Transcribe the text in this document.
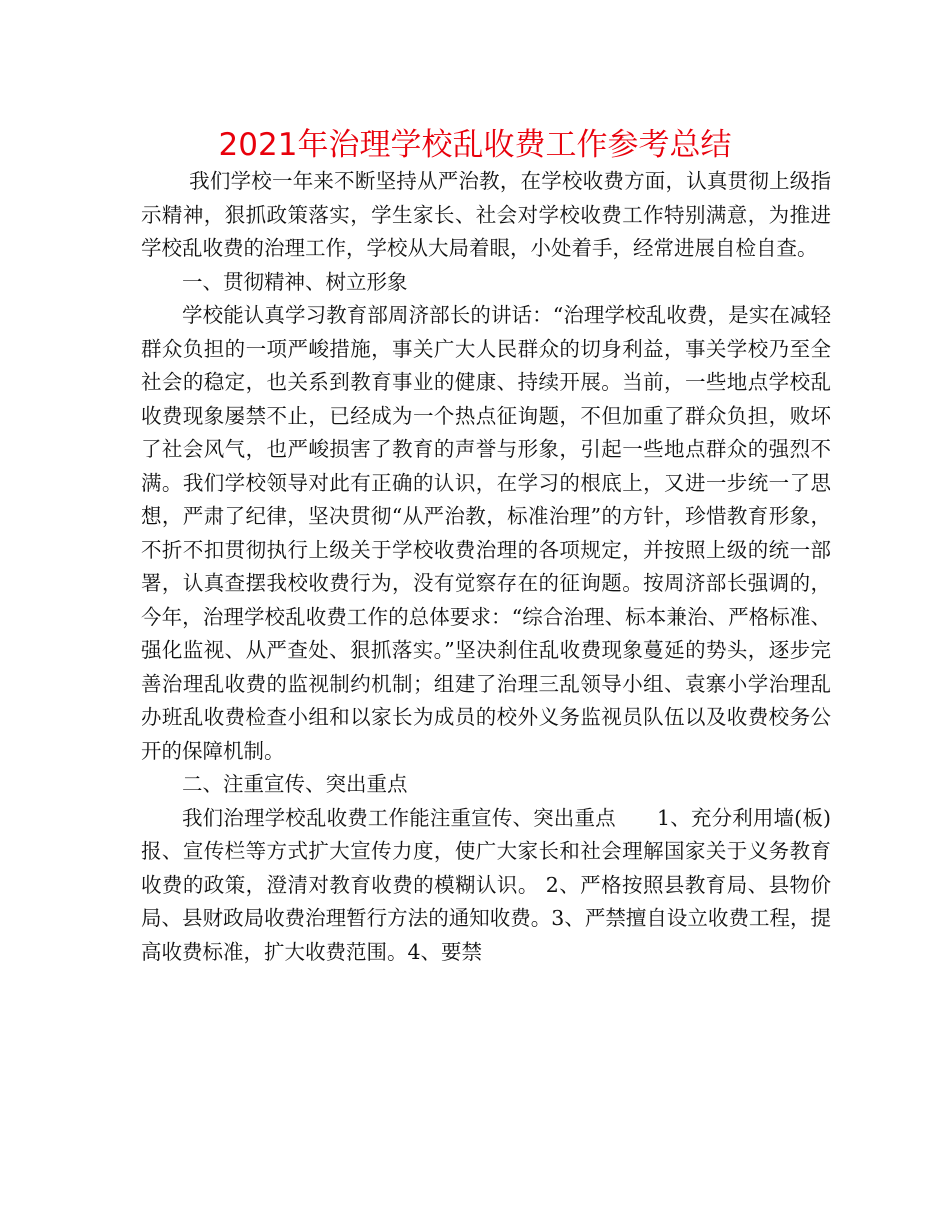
2021年治理学校乱收费工作参考总结

我们学校一年来不断坚持从严治教，在学校收费方面，认真贯彻上级指示精神，狠抓政策落实，学生家长、社会对学校收费工作特别满意，为推进学校乱收费的治理工作，学校从大局着眼，小处着手，经常进展自检自查。

一、贯彻精神、树立形象

学校能认真学习教育部周济部长的讲话：“治理学校乱收费，是实在减轻群众负担的一项严峻措施，事关广大人民群众的切身利益，事关学校乃至全社会的稳定，也关系到教育事业的健康、持续开展。当前，一些地点学校乱收费现象屡禁不止，已经成为一个热点征询题，不但加重了群众负担，败坏了社会风气，也严峻损害了教育的声誉与形象，引起一些地点群众的强烈不满。我们学校领导对此有正确的认识，在学习的根底上，又进一步统一了思想，严肃了纪律，坚决贯彻“从严治教，标准治理”的方针，珍惜教育形象，不折不扣贯彻执行上级关于学校收费治理的各项规定，并按照上级的统一部署，认真查摆我校收费行为，没有觉察存在的征询题。按周济部长强调的，今年，治理学校乱收费工作的总体要求：“综合治理、标本兼治、严格标准、强化监视、从严查处、狠抓落实。”坚决刹住乱收费现象蔓延的势头，逐步完善治理乱收费的监视制约机制；组建了治理三乱领导小组、袁寨小学治理乱办班乱收费检查小组和以家长为成员的校外义务监视员队伍以及收费校务公开的保障机制。

二、注重宣传、突出重点

我们治理学校乱收费工作能注重宣传、突出重点　　1、充分利用墙(板)报、宣传栏等方式扩大宣传力度，使广大家长和社会理解国家关于义务教育收费的政策，澄清对教育收费的模糊认识。 2、严格按照县教育局、县物价局、县财政局收费治理暂行方法的通知收费。3、严禁擅自设立收费工程，提高收费标准，扩大收费范围。4、要禁
